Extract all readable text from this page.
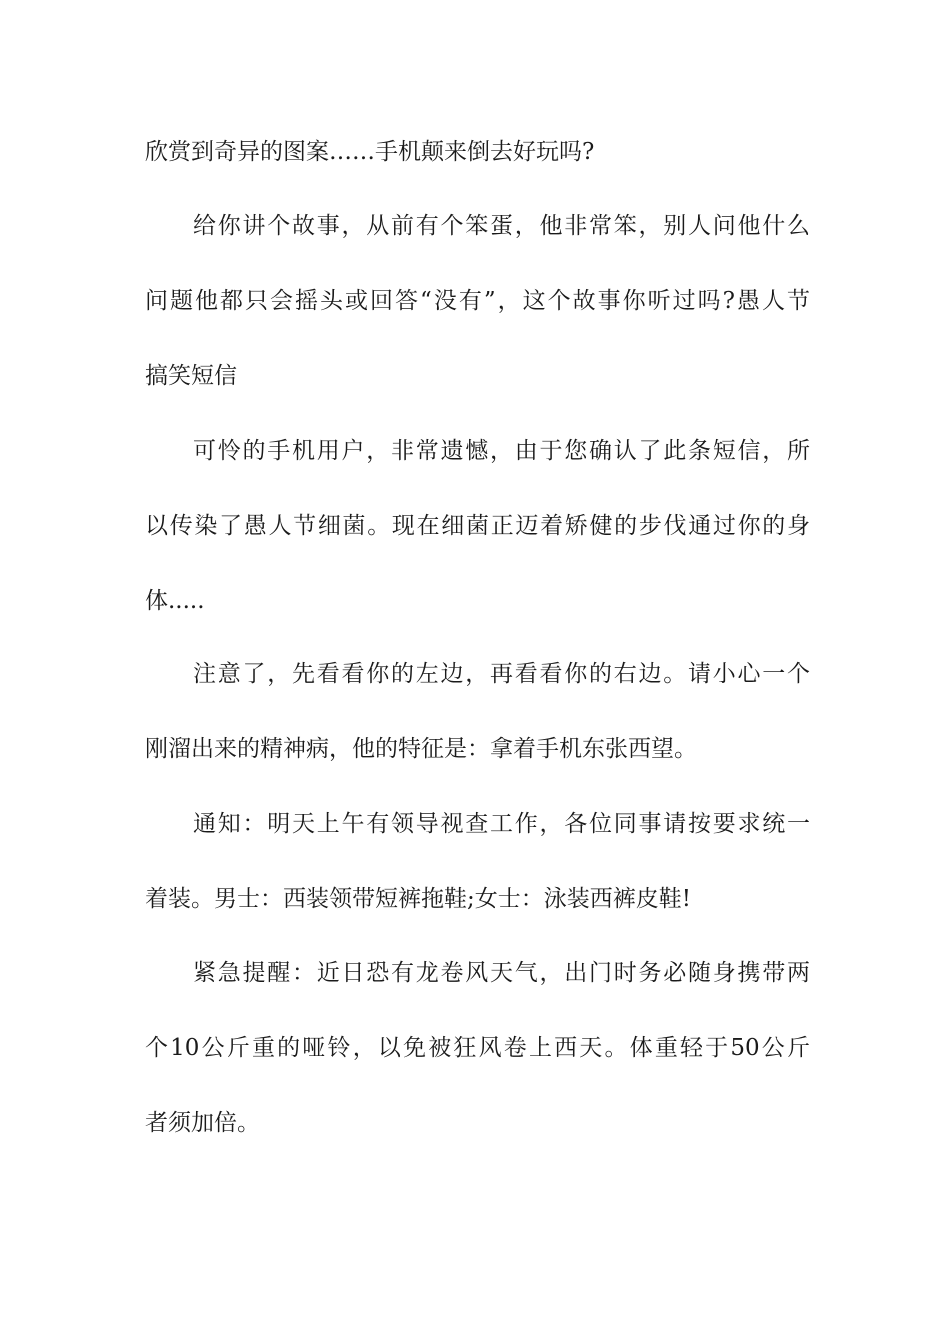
欣赏到奇异的图案……手机颠来倒去好玩吗?
给你讲个故事，从前有个笨蛋，他非常笨，别人问他什么
问题他都只会摇头或回答“没有”，这个故事你听过吗?愚人节
搞笑短信
可怜的手机用户，非常遗憾，由于您确认了此条短信，所
以传染了愚人节细菌。现在细菌正迈着矫健的步伐通过你的身
体.....
注意了，先看看你的左边，再看看你的右边。请小心一个
刚溜出来的精神病，他的特征是：拿着手机东张西望。
通知：明天上午有领导视查工作，各位同事请按要求统一
着装。男士：西装领带短裤拖鞋;女士：泳装西裤皮鞋!
紧急提醒：近日恐有龙卷风天气，出门时务必随身携带两
个10公斤重的哑铃，以免被狂风卷上西天。体重轻于50公斤
者须加倍。
